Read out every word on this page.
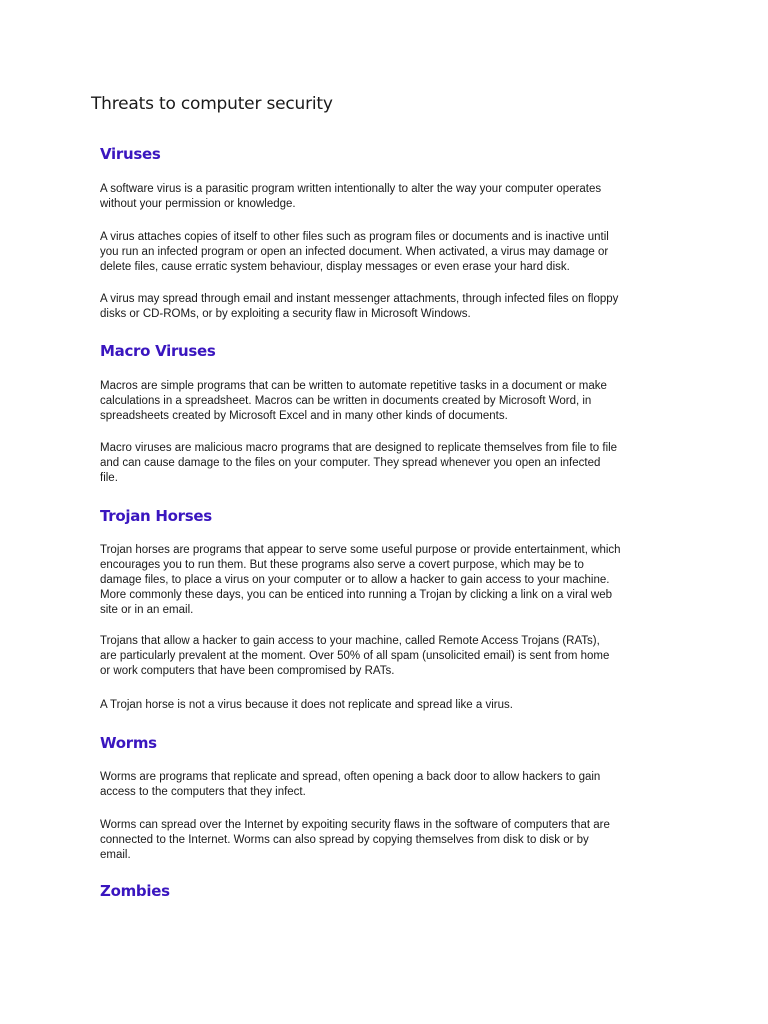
Threats to computer security
Viruses

A software virus is a parasitic program written intentionally to alter the way your computer operates
without your permission or knowledge.

A virus attaches copies of itself to other files such as program files or documents and is inactive until
you run an infected program or open an infected document. When activated, a virus may damage or
delete files, cause erratic system behaviour, display messages or even erase your hard disk.

A virus may spread through email and instant messenger attachments, through infected files on floppy
disks or CD-ROMs, or by exploiting a security flaw in Microsoft Windows.

Macro Viruses

Macros are simple programs that can be written to automate repetitive tasks in a document or make
calculations in a spreadsheet. Macros can be written in documents created by Microsoft Word, in
spreadsheets created by Microsoft Excel and in many other kinds of documents.

Macro viruses are malicious macro programs that are designed to replicate themselves from file to file
and can cause damage to the files on your computer. They spread whenever you open an infected
file.

Trojan Horses

Trojan horses are programs that appear to serve some useful purpose or provide entertainment, which
encourages you to run them. But these programs also serve a covert purpose, which may be to
damage files, to place a virus on your computer or to allow a hacker to gain access to your machine.
More commonly these days, you can be enticed into running a Trojan by clicking a link on a viral web
site or in an email.

Trojans that allow a hacker to gain access to your machine, called Remote Access Trojans (RATs),
are particularly prevalent at the moment. Over 50% of all spam (unsolicited email) is sent from home
or work computers that have been compromised by RATs.

A Trojan horse is not a virus because it does not replicate and spread like a virus.

Worms

Worms are programs that replicate and spread, often opening a back door to allow hackers to gain
access to the computers that they infect.

Worms can spread over the Internet by expoiting security flaws in the software of computers that are
connected to the Internet. Worms can also spread by copying themselves from disk to disk or by
email.

Zombies
